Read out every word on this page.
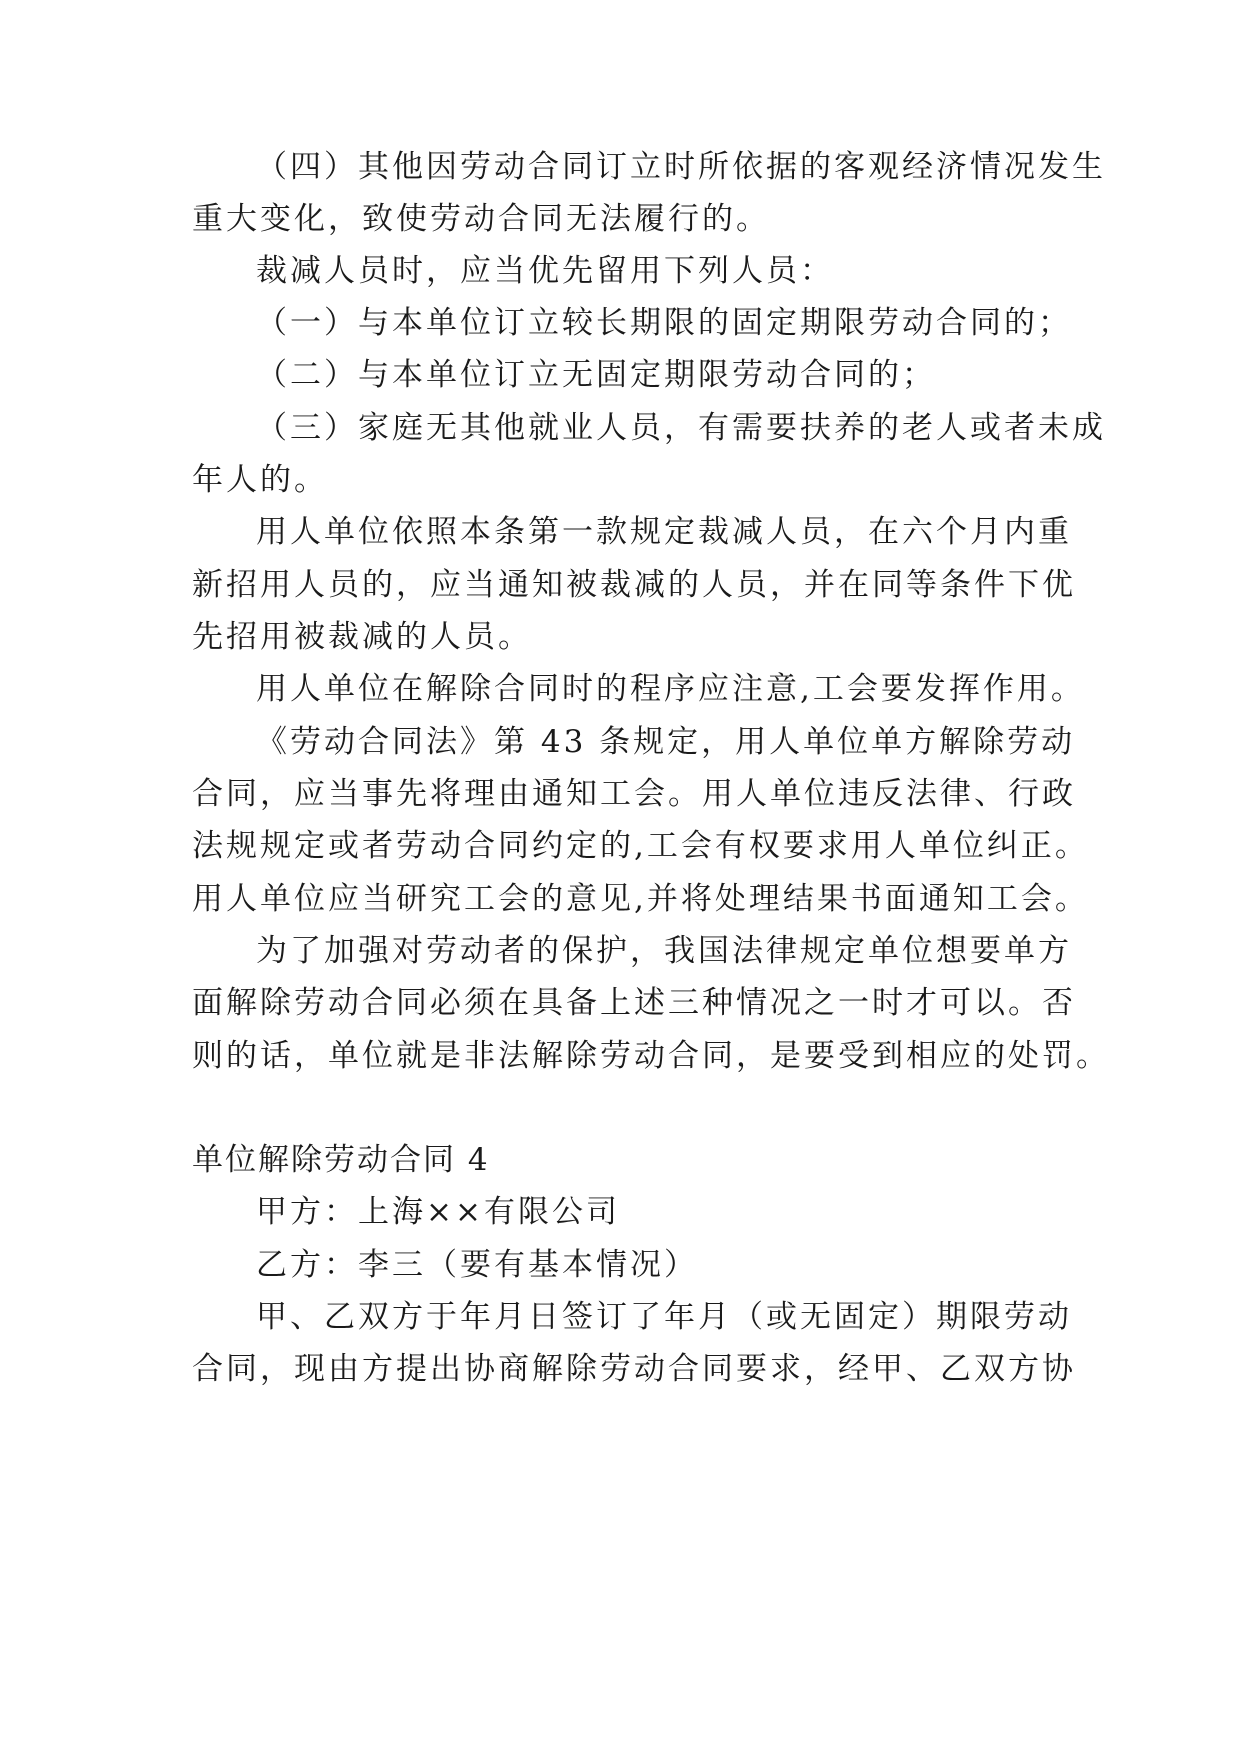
（四）其他因劳动合同订立时所依据的客观经济情况发生
重大变化，致使劳动合同无法履行的。
裁减人员时，应当优先留用下列人员：
（一）与本单位订立较长期限的固定期限劳动合同的；
（二）与本单位订立无固定期限劳动合同的；
（三）家庭无其他就业人员，有需要扶养的老人或者未成
年人的。
用人单位依照本条第一款规定裁减人员，在六个月内重
新招用人员的，应当通知被裁减的人员，并在同等条件下优
先招用被裁减的人员。
用人单位在解除合同时的程序应注意,工会要发挥作用。
《劳动合同法》第 43 条规定，用人单位单方解除劳动
合同，应当事先将理由通知工会。用人单位违反法律、行政
法规规定或者劳动合同约定的,工会有权要求用人单位纠正。
用人单位应当研究工会的意见,并将处理结果书面通知工会。
为了加强对劳动者的保护，我国法律规定单位想要单方
面解除劳动合同必须在具备上述三种情况之一时才可以。否
则的话，单位就是非法解除劳动合同，是要受到相应的处罚。
单位解除劳动合同 4
甲方：上海××有限公司
乙方：李三（要有基本情况）
甲、乙双方于年月日签订了年月（或无固定）期限劳动
合同，现由方提出协商解除劳动合同要求，经甲、乙双方协
